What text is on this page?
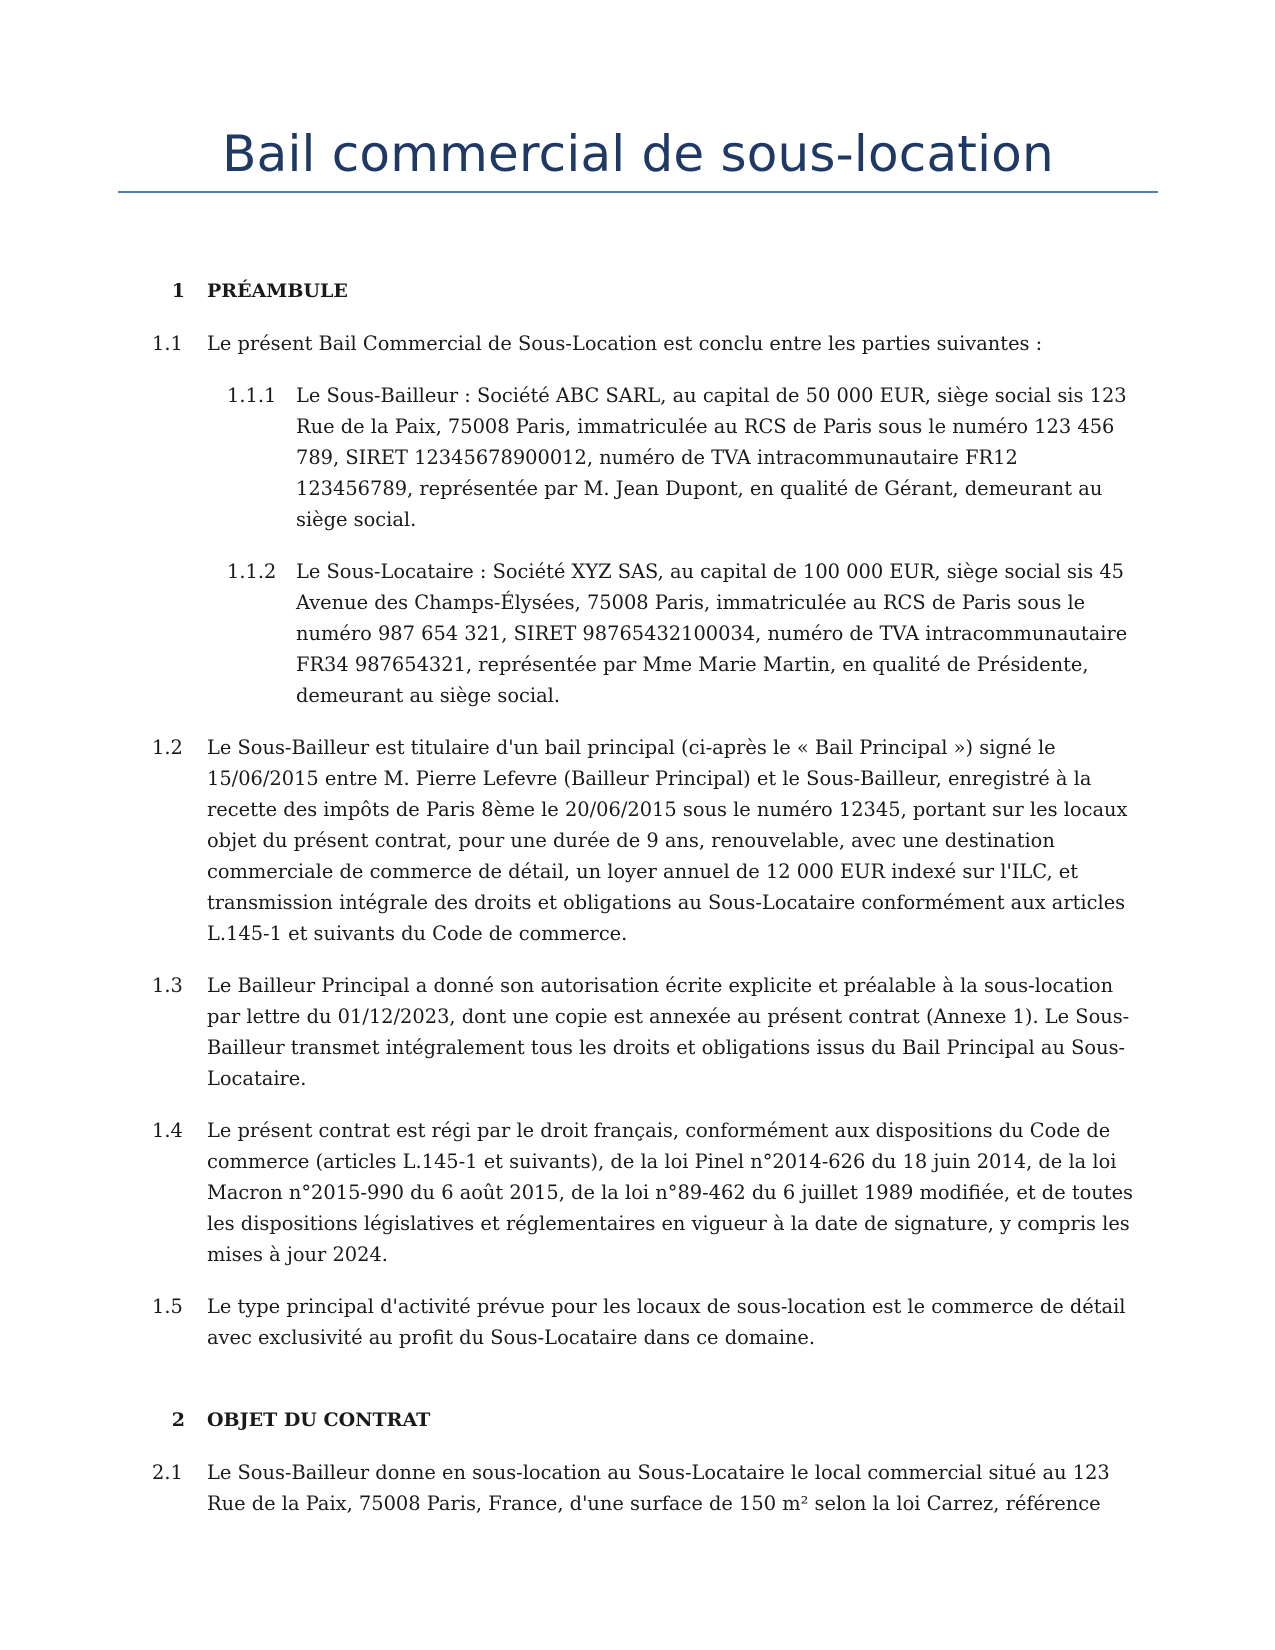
Bail commercial de sous-location
1 PRÉAMBULE
1.1 Le présent Bail Commercial de Sous-Location est conclu entre les parties suivantes :
1.1.1 Le Sous-Bailleur : Société ABC SARL, au capital de 50 000 EUR, siège social sis 123 Rue de la Paix, 75008 Paris, immatriculée au RCS de Paris sous le numéro 123 456 789, SIRET 12345678900012, numéro de TVA intracommunautaire FR12 123456789, représentée par M. Jean Dupont, en qualité de Gérant, demeurant au siège social.
1.1.2 Le Sous-Locataire : Société XYZ SAS, au capital de 100 000 EUR, siège social sis 45 Avenue des Champs-Élysées, 75008 Paris, immatriculée au RCS de Paris sous le numéro 987 654 321, SIRET 98765432100034, numéro de TVA intracommunautaire FR34 987654321, représentée par Mme Marie Martin, en qualité de Présidente, demeurant au siège social.
1.2 Le Sous-Bailleur est titulaire d'un bail principal (ci-après le « Bail Principal ») signé le 15/06/2015 entre M. Pierre Lefevre (Bailleur Principal) et le Sous-Bailleur, enregistré à la recette des impôts de Paris 8ème le 20/06/2015 sous le numéro 12345, portant sur les locaux objet du présent contrat, pour une durée de 9 ans, renouvelable, avec une destination commerciale de commerce de détail, un loyer annuel de 12 000 EUR indexé sur l'ILC, et transmission intégrale des droits et obligations au Sous-Locataire conformément aux articles L.145-1 et suivants du Code de commerce.
1.3 Le Bailleur Principal a donné son autorisation écrite explicite et préalable à la sous-location par lettre du 01/12/2023, dont une copie est annexée au présent contrat (Annexe 1). Le Sous-Bailleur transmet intégralement tous les droits et obligations issus du Bail Principal au Sous-Locataire.
1.4 Le présent contrat est régi par le droit français, conformément aux dispositions du Code de commerce (articles L.145-1 et suivants), de la loi Pinel n°2014-626 du 18 juin 2014, de la loi Macron n°2015-990 du 6 août 2015, de la loi n°89-462 du 6 juillet 1989 modifiée, et de toutes les dispositions législatives et réglementaires en vigueur à la date de signature, y compris les mises à jour 2024.
1.5 Le type principal d'activité prévue pour les locaux de sous-location est le commerce de détail avec exclusivité au profit du Sous-Locataire dans ce domaine.
2 OBJET DU CONTRAT
2.1 Le Sous-Bailleur donne en sous-location au Sous-Locataire le local commercial situé au 123 Rue de la Paix, 75008 Paris, France, d'une surface de 150 m² selon la loi Carrez, référence
